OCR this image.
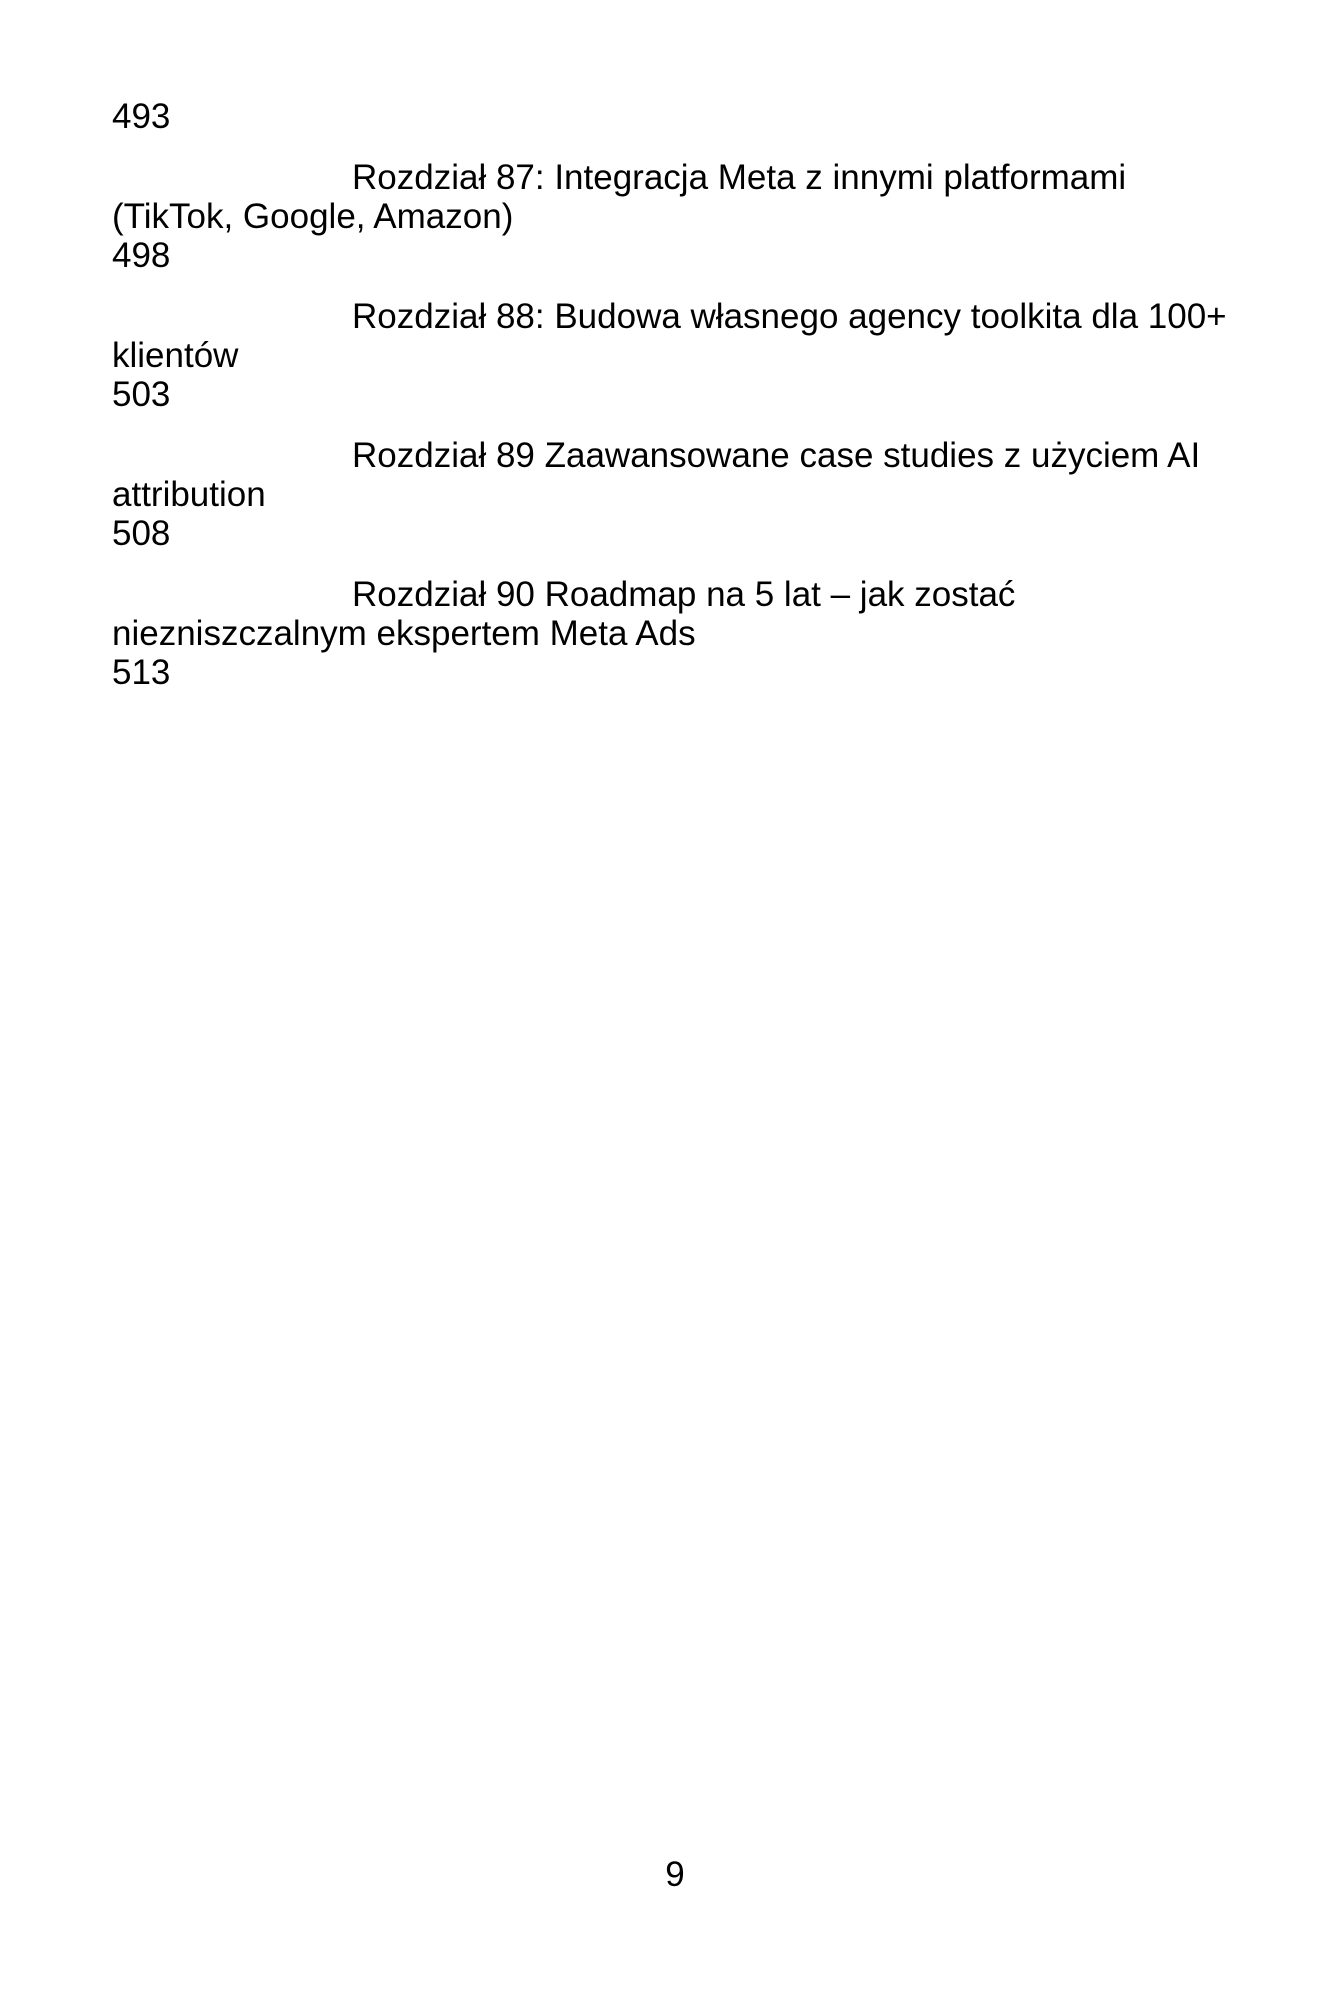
493

Rozdział 87: Integracja Meta z innymi platformami
(TikTok, Google, Amazon)
498

Rozdział 88: Budowa własnego agency toolkita dla 100+
klientów
503

Rozdział 89 Zaawansowane case studies z użyciem AI
attribution
508

Rozdział 90 Roadmap na 5 lat – jak zostać
niezniszczalnym ekspertem Meta Ads
513

9
